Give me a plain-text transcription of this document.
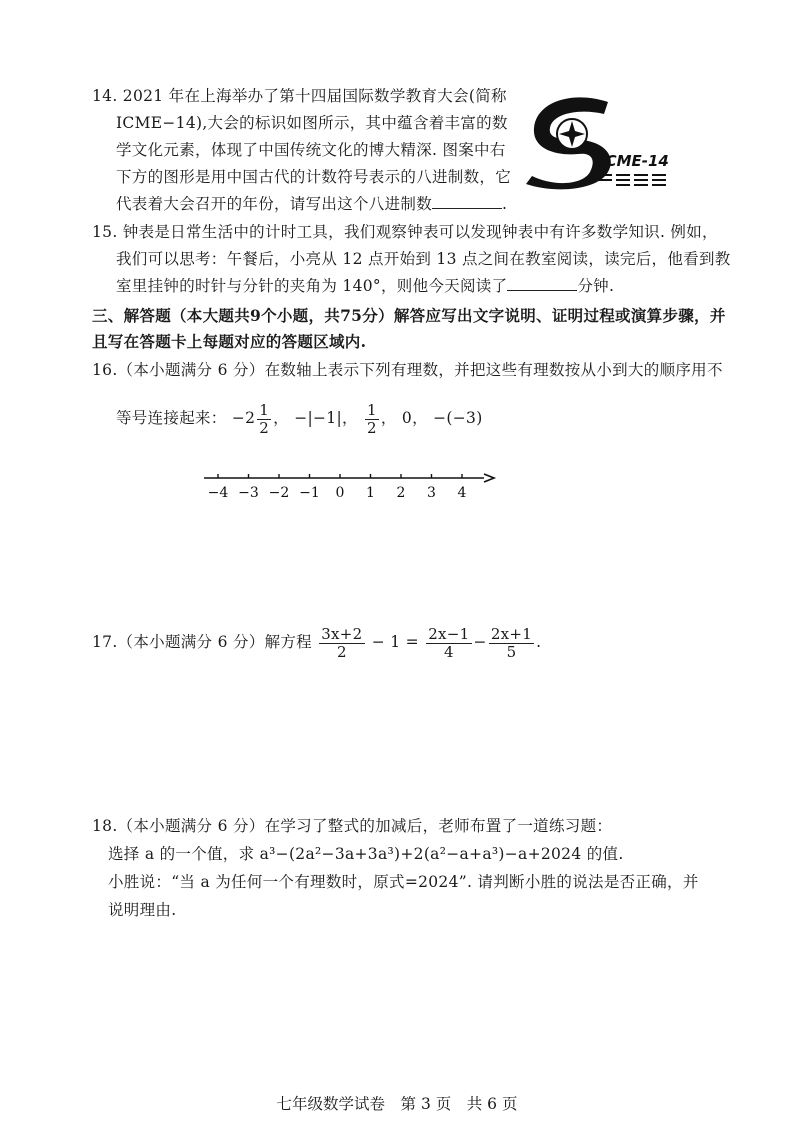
14. 2021 年在上海举办了第十四届国际数学教育大会(简称
ICME−14),大会的标识如图所示，其中蕴含着丰富的数
学文化元素，体现了中国传统文化的博大精深. 图案中右
下方的图形是用中国古代的计数符号表示的八进制数，它
代表着大会召开的年份，请写出这个八进制数	.
ICME-14
15. 钟表是日常生活中的计时工具，我们观察钟表可以发现钟表中有许多数学知识. 例如，
我们可以思考：午餐后，小亮从 12 点开始到 13 点之间在教室阅读，读完后，他看到教
室里挂钟的时针与分针的夹角为 140°，则他今天阅读了	分钟.
三、解答题（本大题共9个小题，共75分）解答应写出文字说明、证明过程或演算步骤，并
且写在答题卡上每题对应的答题区域内.
16.（本小题满分 6 分）在数轴上表示下列有理数，并把这些有理数按从小到大的顺序用不
等号连接起来： $-2 \frac{1}{2}$ ， −|−1|， $\frac{1}{2}$ ， 0， −(−3)
−4 −3 −2 −1 0 1 2 3 4
17.（本小题满分 6 分）解方程 $\frac{3x+2}{2} - 1 = \frac{2x-1}{4} - \frac{2x+1}{5}$ .
18.（本小题满分 6 分）在学习了整式的加减后，老师布置了一道练习题：
选择 a 的一个值，求 a³−(2a²−3a+3a³)+2(a²−a+a³)−a+2024 的值.
小胜说：“当 a 为任何一个有理数时，原式=2024”. 请判断小胜的说法是否正确，并
说明理由.
七年级数学试卷　第 3 页　共 6 页
